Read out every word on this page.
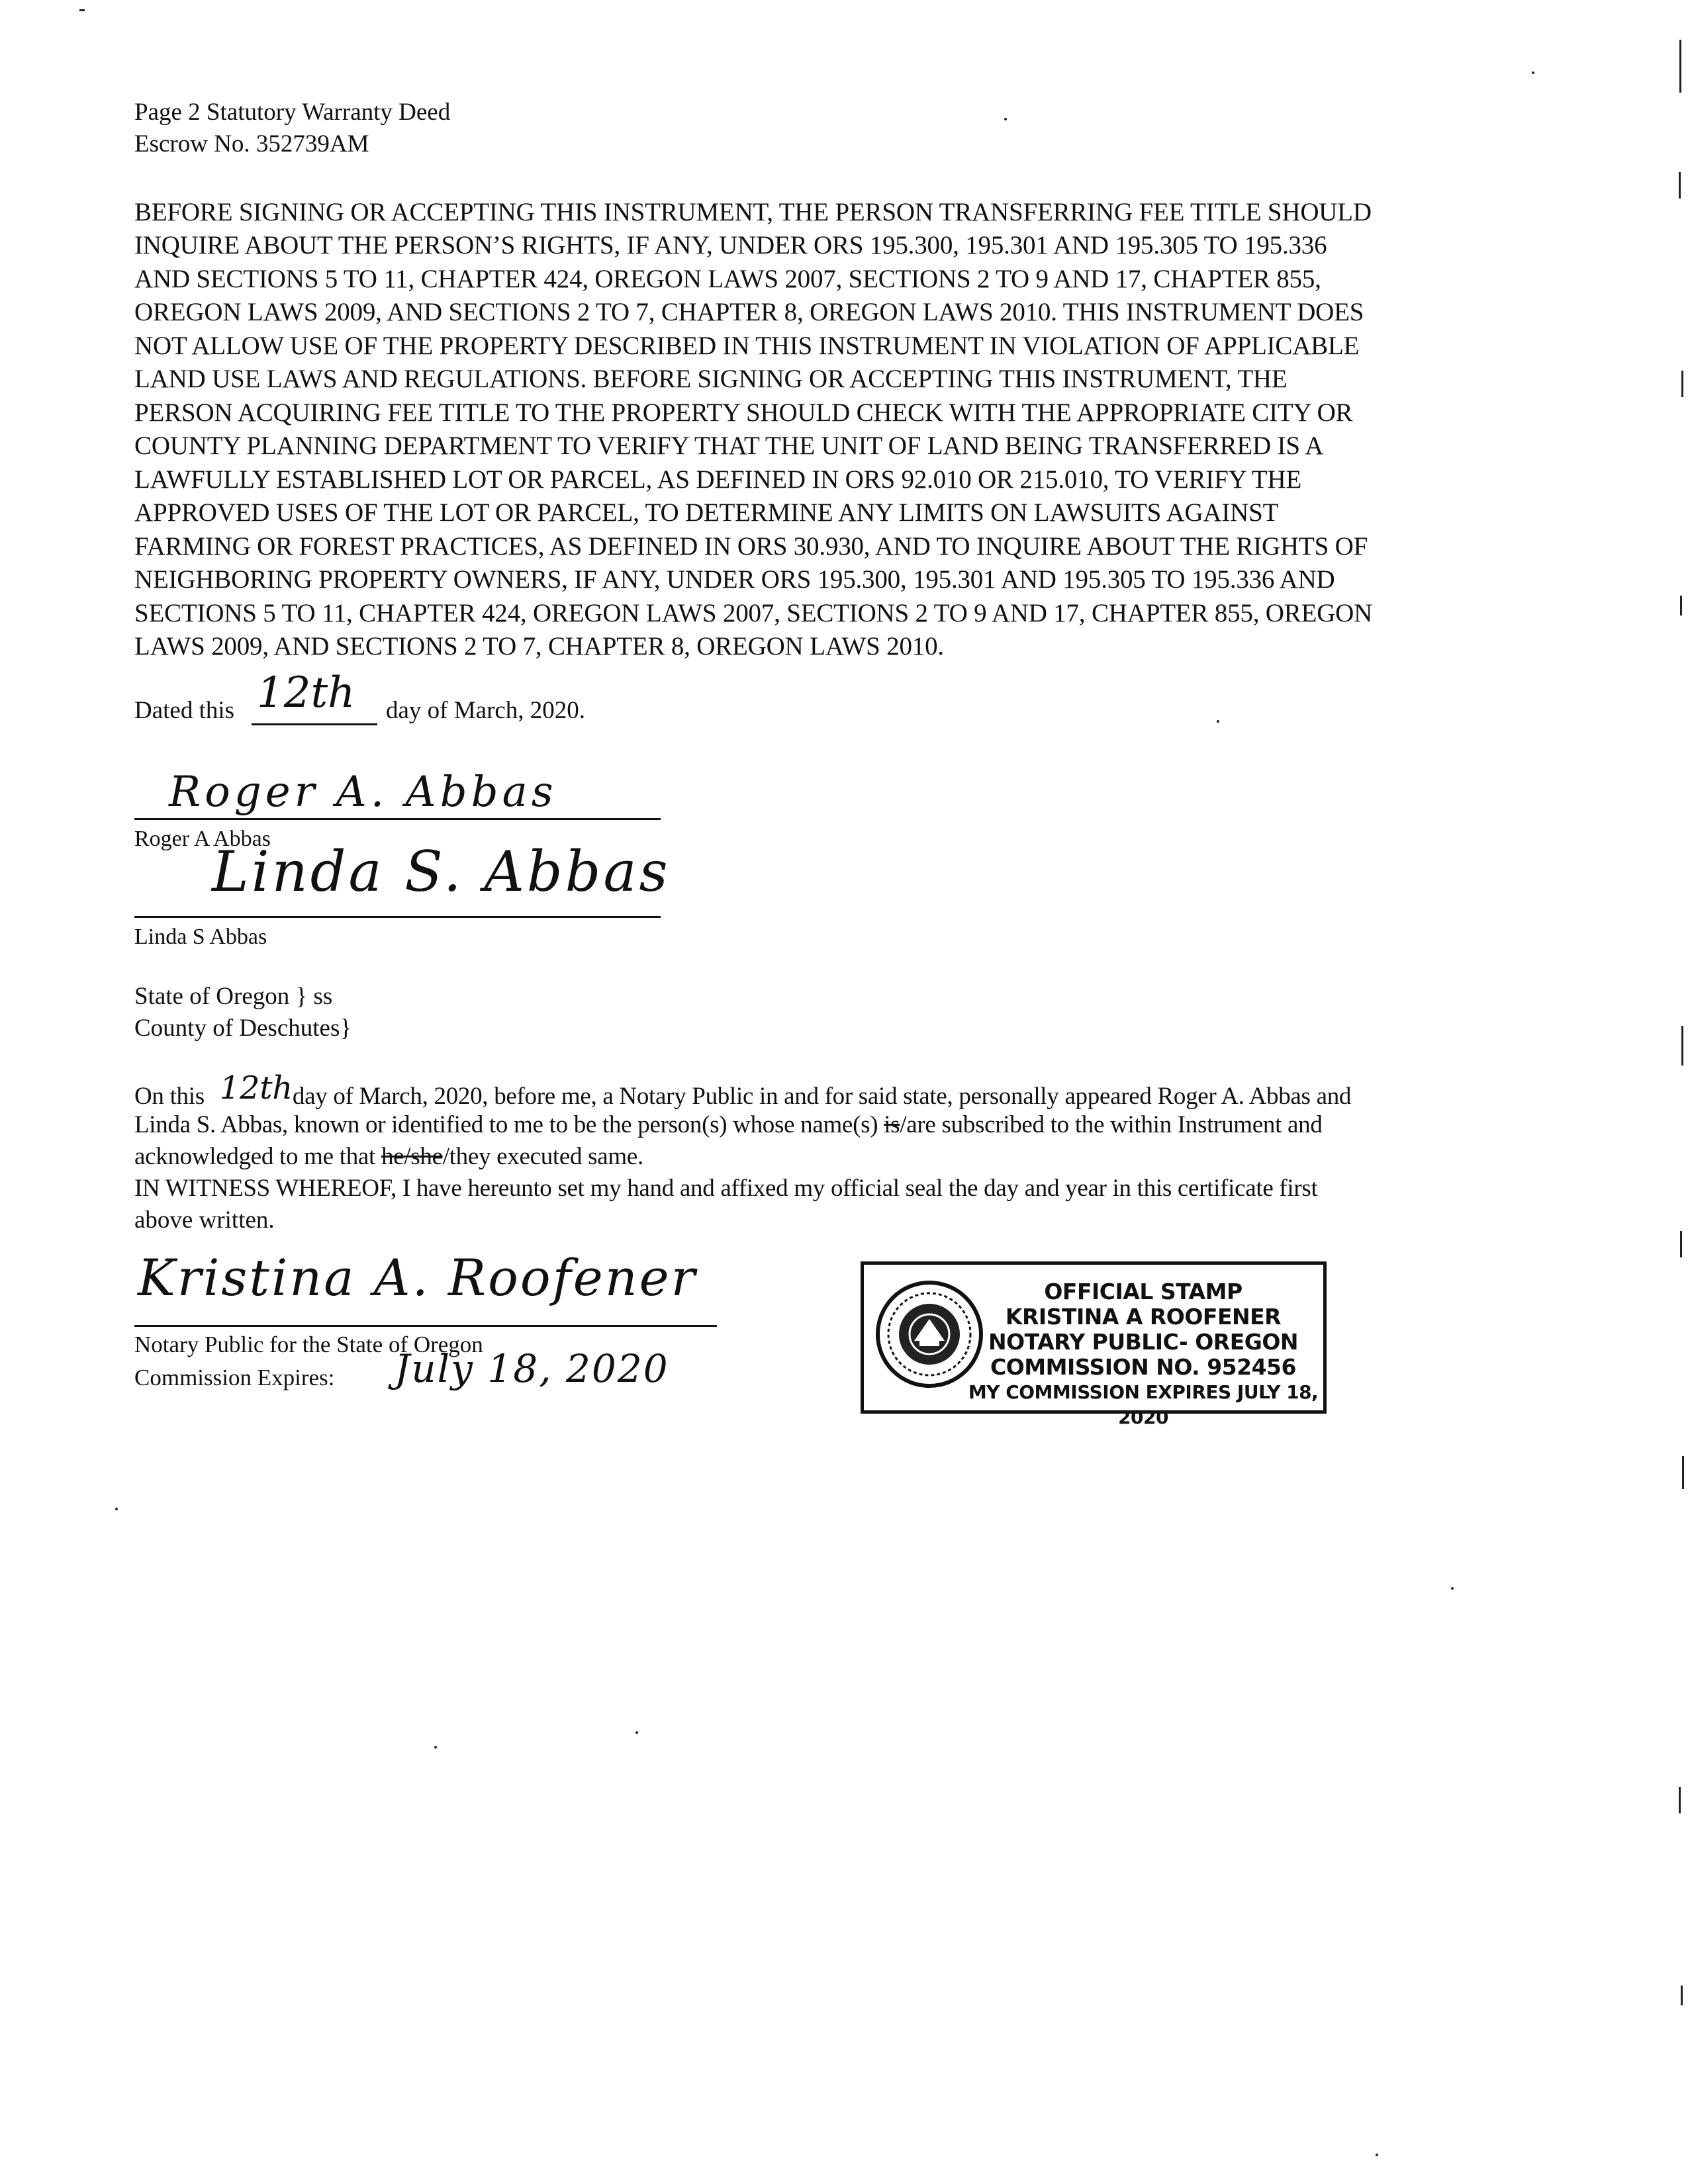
Page 2 Statutory Warranty Deed
Escrow No. 352739AM
BEFORE SIGNING OR ACCEPTING THIS INSTRUMENT, THE PERSON TRANSFERRING FEE TITLE SHOULD
INQUIRE ABOUT THE PERSON’S RIGHTS, IF ANY, UNDER ORS 195.300, 195.301 AND 195.305 TO 195.336
AND SECTIONS 5 TO 11, CHAPTER 424, OREGON LAWS 2007, SECTIONS 2 TO 9 AND 17, CHAPTER 855,
OREGON LAWS 2009, AND SECTIONS 2 TO 7, CHAPTER 8, OREGON LAWS 2010. THIS INSTRUMENT DOES
NOT ALLOW USE OF THE PROPERTY DESCRIBED IN THIS INSTRUMENT IN VIOLATION OF APPLICABLE
LAND USE LAWS AND REGULATIONS. BEFORE SIGNING OR ACCEPTING THIS INSTRUMENT, THE
PERSON ACQUIRING FEE TITLE TO THE PROPERTY SHOULD CHECK WITH THE APPROPRIATE CITY OR
COUNTY PLANNING DEPARTMENT TO VERIFY THAT THE UNIT OF LAND BEING TRANSFERRED IS A
LAWFULLY ESTABLISHED LOT OR PARCEL, AS DEFINED IN ORS 92.010 OR 215.010, TO VERIFY THE
APPROVED USES OF THE LOT OR PARCEL, TO DETERMINE ANY LIMITS ON LAWSUITS AGAINST
FARMING OR FOREST PRACTICES, AS DEFINED IN ORS 30.930, AND TO INQUIRE ABOUT THE RIGHTS OF
NEIGHBORING PROPERTY OWNERS, IF ANY, UNDER ORS 195.300, 195.301 AND 195.305 TO 195.336 AND
SECTIONS 5 TO 11, CHAPTER 424, OREGON LAWS 2007, SECTIONS 2 TO 9 AND 17, CHAPTER 855, OREGON
LAWS 2009, AND SECTIONS 2 TO 7, CHAPTER 8, OREGON LAWS 2010.
Dated this 12th day of March, 2020.
Roger A. Abbas
Roger A Abbas
Linda S. Abbas
Linda S Abbas
State of Oregon } ss
County of Deschutes}
On this 12thday of March, 2020, before me, a Notary Public in and for said state, personally appeared Roger A. Abbas and
Linda S. Abbas, known or identified to me to be the person(s) whose name(s) is/are subscribed to the within Instrument and
acknowledged to me that he/she/they executed same.
IN WITNESS WHEREOF, I have hereunto set my hand and affixed my official seal the day and year in this certificate first
above written.
Kristina A. Roofener
Notary Public for the State of Oregon
Commission Expires: July 18, 2020
OFFICIAL STAMP
KRISTINA A ROOFENER
NOTARY PUBLIC- OREGON
COMMISSION NO. 952456
MY COMMISSION EXPIRES JULY 18, 2020
